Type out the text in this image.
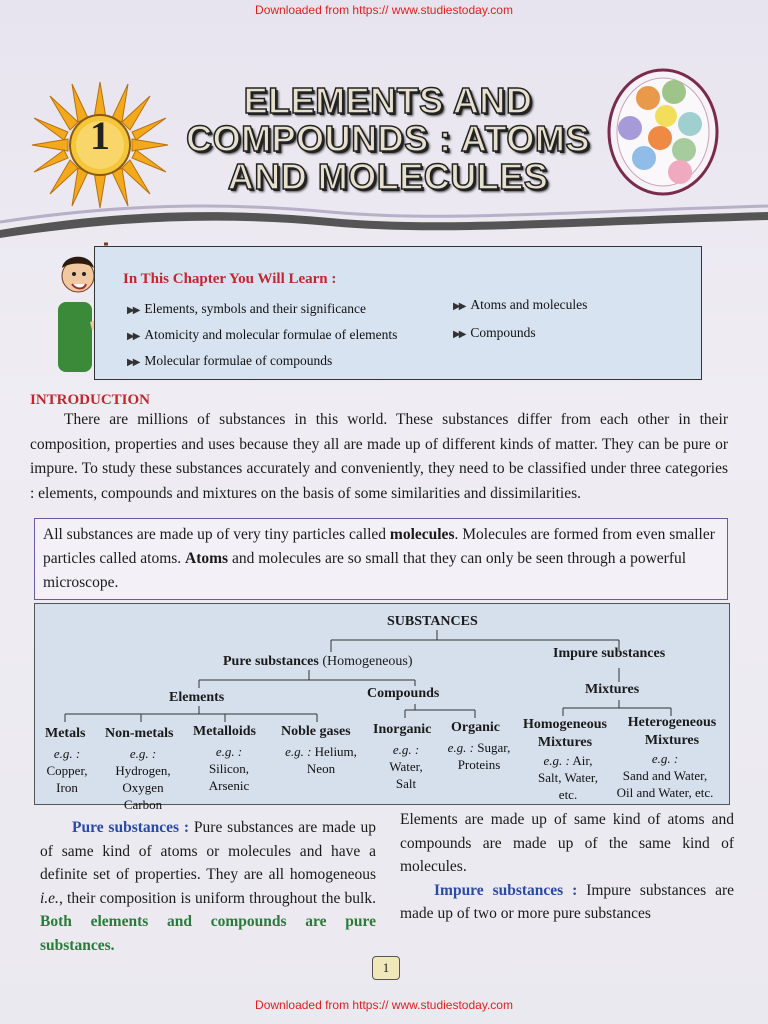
Downloaded from https:// www.studiestoday.com
1
ELEMENTS AND
COMPOUNDS : ATOMS
AND MOLECULES
In This Chapter You Will Learn :
▶▶ Elements, symbols and their significance
▶▶ Atomicity and molecular formulae of elements
▶▶ Molecular formulae of compounds
▶▶ Atoms and molecules
▶▶ Compounds
INTRODUCTION
There are millions of substances in this world. These substances differ from each other in their composition, properties and uses because they all are made up of different kinds of matter. They can be pure or impure. To study these substances accurately and conveniently, they need to be classified under three categories : elements, compounds and mixtures on the basis of some similarities and dissimilarities.
All substances are made up of very tiny particles called molecules. Molecules are formed from even smaller particles called atoms. Atoms and molecules are so small that they can only be seen through a powerful microscope.
SUBSTANCES
Pure substances (Homogeneous)
Impure substances
Elements	Compounds	Mixtures
Metals
e.g. :
Copper,
Iron
Non-metals
e.g. :
Hydrogen,
Oxygen
Carbon
Metalloids
e.g. :
Silicon,
Arsenic
Noble gases
e.g. : Helium,
Neon
Inorganic
e.g. :
Water,
Salt
Organic
e.g. : Sugar,
Proteins
Homogeneous
Mixtures
e.g. : Air,
Salt, Water,
etc.
Heterogeneous
Mixtures
e.g. :
Sand and Water,
Oil and Water, etc.
Pure substances : Pure substances are made up of same kind of atoms or molecules and have a definite set of properties. They are all homogeneous i.e., their composition is uniform throughout the bulk. Both elements and compounds are pure substances.
Elements are made up of same kind of atoms and compounds are made up of the same kind of molecules.
Impure substances : Impure substances are made up of two or more pure substances
1
Downloaded from https:// www.studiestoday.com
